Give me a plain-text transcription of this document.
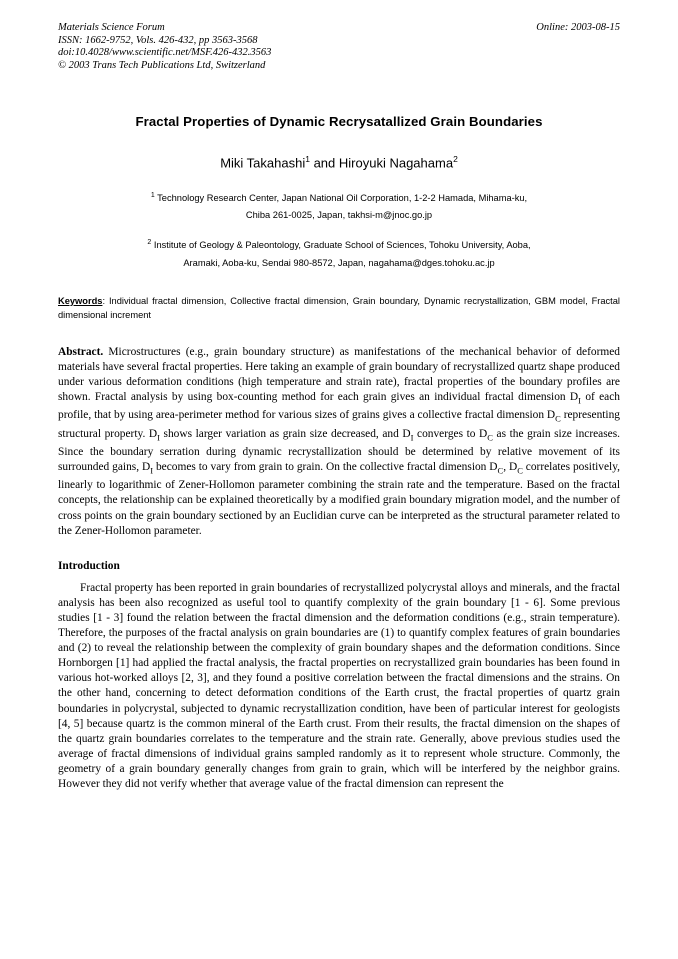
Materials Science Forum
ISSN: 1662-9752, Vols. 426-432, pp 3563-3568
doi:10.4028/www.scientific.net/MSF.426-432.3563
© 2003 Trans Tech Publications Ltd, Switzerland
Online: 2003-08-15
Fractal Properties of Dynamic Recrysatallized Grain Boundaries
Miki Takahashi$^1$ and Hiroyuki Nagahama$^2$
$^1$ Technology Research Center, Japan National Oil Corporation, 1-2-2 Hamada, Mihama-ku,
Chiba 261-0025, Japan, takhsi-m@jnoc.go.jp
$^2$ Institute of Geology & Paleontology, Graduate School of Sciences, Tohoku University, Aoba,
Aramaki, Aoba-ku, Sendai 980-8572, Japan, nagahama@dges.tohoku.ac.jp
Keywords: Individual fractal dimension, Collective fractal dimension, Grain boundary, Dynamic recrystallization, GBM model, Fractal dimensional increment
Abstract. Microstructures (e.g., grain boundary structure) as manifestations of the mechanical behavior of deformed materials have several fractal properties. Here taking an example of grain boundary of recrystallized quartz shape produced under various deformation conditions (high temperature and strain rate), fractal properties of the boundary profiles are shown. Fractal analysis by using box-counting method for each grain gives an individual fractal dimension $D_I$ of each profile, that by using area-perimeter method for various sizes of grains gives a collective fractal dimension $D_C$ representing structural property. $D_I$ shows larger variation as grain size decreased, and $D_I$ converges to $D_C$ as the grain size increases. Since the boundary serration during dynamic recrystallization should be determined by relative movement of its surrounded gains, $D_I$ becomes to vary from grain to grain. On the collective fractal dimension $D_C$, $D_C$ correlates positively, linearly to logarithmic of Zener-Hollomon parameter combining the strain rate and the temperature. Based on the fractal concepts, the relationship can be explained theoretically by a modified grain boundary migration model, and the number of cross points on the grain boundary sectioned by an Euclidian curve can be interpreted as the structural parameter related to the Zener-Hollomon parameter.
Introduction
Fractal property has been reported in grain boundaries of recrystallized polycrystal alloys and minerals, and the fractal analysis has been also recognized as useful tool to quantify complexity of the grain boundary [1 - 6]. Some previous studies [1 - 3] found the relation between the fractal dimension and the deformation conditions (e.g., strain temperature). Therefore, the purposes of the fractal analysis on grain boundaries are (1) to quantify complex features of grain boundaries and (2) to reveal the relationship between the complexity of grain boundary shapes and the deformation conditions. Since Hornborgen [1] had applied the fractal analysis, the fractal properties on recrystallized grain boundaries has been found in various hot-worked alloys [2, 3], and they found a positive correlation between the fractal dimensions and the strains. On the other hand, concerning to detect deformation conditions of the Earth crust, the fractal properties of quartz grain boundaries in polycrystal, subjected to dynamic recrystallization condition, have been of particular interest for geologists [4, 5] because quartz is the common mineral of the Earth crust. From their results, the fractal dimension on the shapes of the quartz grain boundaries correlates to the temperature and the strain rate. Generally, above previous studies used the average of fractal dimensions of individual grains sampled randomly as it to represent whole structure. Commonly, the geometry of a grain boundary generally changes from grain to grain, which will be interfered by the neighbor grains. However they did not verify whether that average value of the fractal dimension can represent the
